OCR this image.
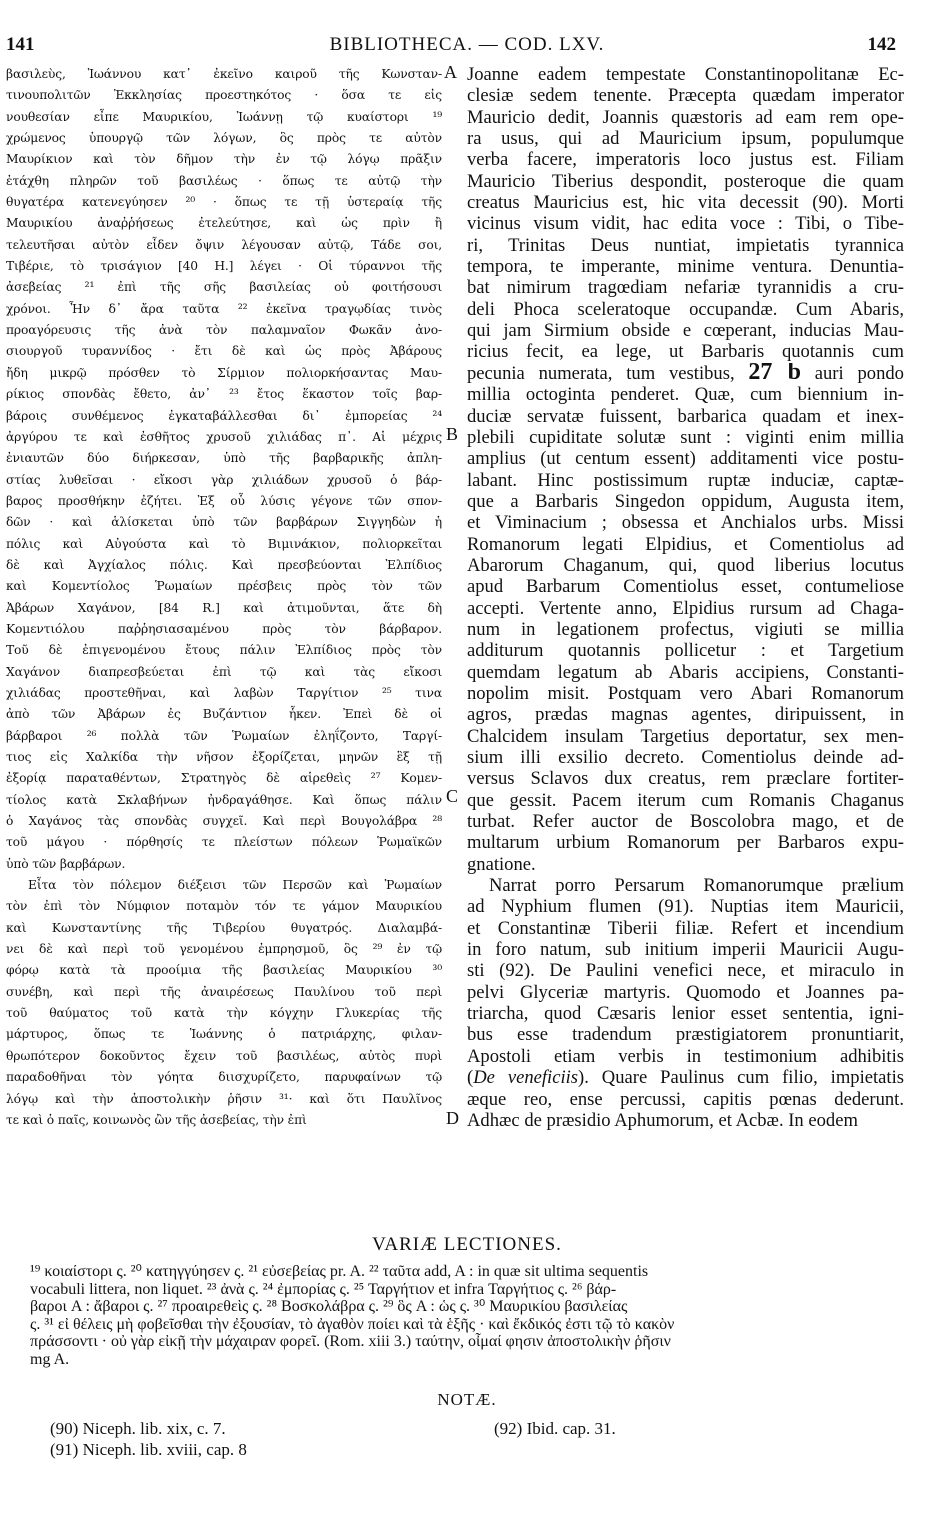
141	BIBLIOTHECA. — COD. LXV.	142
βασιλεὺς, Ἰωάννου κατ᾽ ἐκεῖνο καιροῦ τῆς Κωνσταν-
τινουπολιτῶν Ἐκκλησίας προεστηκότος · ὅσα τε εἰς
νουθεσίαν εἶπε Μαυρικίου, Ἰωάννῃ τῷ κυαίστορι ¹⁹
χρώμενος ὑπουργῷ τῶν λόγων, ὃς πρὸς τε αὐτὸν
Μαυρίκιον καὶ τὸν δῆμον τὴν ἐν τῷ λόγῳ πρᾶξιν
ἐτάχθη πληρῶν τοῦ βασιλέως · ὅπως τε αὐτῷ τὴν
θυγατέρα κατενεγύησεν ²⁰ · ὅπως τε τῇ ὑστεραίᾳ τῆς
Μαυρικίου ἀναῤῥήσεως ἐτελεύτησε, καὶ ὡς πρὶν ἢ
τελευτῆσαι αὐτὸν εἶδεν ὄψιν λέγουσαν αὐτῷ, Τάδε σοι,
Τιβέριε, τὸ τρισάγιον [40 H.] λέγει · Οἱ τύραννοι τῆς
ἀσεβείας ²¹ ἐπὶ τῆς σῆς βασιλείας οὐ φοιτήσουσι
χρόνοι. Ἦν δ᾽ ἄρα ταῦτα ²² ἐκεῖνα τραγῳδίας τινὸς
προαγόρευσις τῆς ἀνὰ τὸν παλαμναῖον Φωκᾶν ἀνο-
σιουργοῦ τυραννίδος · ἔτι δὲ καὶ ὡς πρὸς Ἀβάρους
ἤδη μικρῷ πρόσθεν τὸ Σίρμιον πολιορκήσαντας Μαυ-
ρίκιος σπονδὰς ἔθετο, ἀν᾽ ²³ ἔτος ἕκαστον τοῖς βαρ-
βάροις συνθέμενος ἐγκαταβάλλεσθαι δι᾽ ἐμπορείας ²⁴
ἀργύρου τε καὶ ἐσθῆτος χρυσοῦ χιλιάδας π᾽. Αἱ μέχρις
ἐνιαυτῶν δύο διήρκεσαν, ὑπὸ τῆς βαρβαρικῆς ἀπλη-
στίας λυθεῖσαι · εἴκοσι γὰρ χιλιάδων χρυσοῦ ὁ βάρ-
βαρος προσθήκην ἐζήτει. Ἐξ οὗ λύσις γέγονε τῶν σπον-
δῶν · καὶ ἁλίσκεται ὑπὸ τῶν βαρβάρων Σιγγηδὼν ἡ
πόλις καὶ Αὐγούστα καὶ τὸ Βιμινάκιον, πολιορκεῖται
δὲ καὶ Ἀγχίαλος πόλις. Καὶ πρεσβεύονται Ἐλπίδιος
καὶ Κομεντίολος Ῥωμαίων πρέσβεις πρὸς τὸν τῶν
Ἀβάρων Χαγάνον, [84 R.] καὶ ἀτιμοῦνται, ἅτε δὴ
Κομεντιόλου παῤῥησιασαμένου πρὸς τὸν βάρβαρον.
Τοῦ δὲ ἐπιγενομένου ἔτους πάλιν Ἐλπίδιος πρὸς τὸν
Χαγάνον διαπρεσβεύεται ἐπὶ τῷ καὶ τὰς εἴκοσι
χιλιάδας προστεθῆναι, καὶ λαβὼν Ταργίτιον ²⁵ τινα
ἀπὸ τῶν Ἀβάρων ἐς Βυζάντιον ἧκεν. Ἐπεὶ δὲ οἱ
βάρβαροι ²⁶ πολλὰ τῶν Ῥωμαίων ἐληΐζοντο, Ταργί-
τιος εἰς Χαλκίδα τὴν νῆσον ἐξορίζεται, μηνῶν ἓξ τῇ
ἐξορίᾳ παραταθέντων, Στρατηγὸς δὲ αἱρεθεὶς ²⁷ Κομεν-
τίολος κατὰ Σκλαβήνων ἠνδραγάθησε. Καὶ ὅπως πάλιν
ὁ Χαγάνος τὰς σπονδὰς συγχεῖ. Καὶ περὶ Βουγολάβρα ²⁸
τοῦ μάγου · πόρθησίς τε πλείστων πόλεων Ῥωμαϊκῶν
ὑπὸ τῶν βαρβάρων.
Εἶτα τὸν πόλεμον διέξεισι τῶν Περσῶν καὶ Ῥωμαίων
τὸν ἐπὶ τὸν Νύμφιον ποταμὸν τόν τε γάμον Μαυρικίου
καὶ Κωνσταντίνης τῆς Τιβερίου θυγατρός. Διαλαμβά-
νει δὲ καὶ περὶ τοῦ γενομένου ἐμπρησμοῦ, ὃς ²⁹ ἐν τῷ
φόρῳ κατὰ τὰ προοίμια τῆς βασιλείας Μαυρικίου ³⁰
συνέβη, καὶ περὶ τῆς ἀναιρέσεως Παυλίνου τοῦ περὶ
τοῦ θαύματος τοῦ κατὰ τὴν κόγχην Γλυκερίας τῆς
μάρτυρος, ὅπως τε Ἰωάννης ὁ πατριάρχης, φιλαν-
θρωπότερον δοκοῦντος ἔχειν τοῦ βασιλέως, αὐτὸς πυρὶ
παραδοθῆναι τὸν γόητα διισχυρίζετο, παρυφαίνων τῷ
λόγῳ καὶ τὴν ἀποστολικὴν ῥῆσιν ³¹· καὶ ὅτι Παυλῖνος
τε καὶ ὁ παῖς, κοινωνὸς ὢν τῆς ἀσεβείας, τὴν ἐπὶ
Joanne eadem tempestate Constantinopolitanæ Ec-
clesiæ sedem tenente. Præcepta quædam imperator
Mauricio dedit, Joannis quæstoris ad eam rem ope-
ra usus, qui ad Mauricium ipsum, populumque
verba facere, imperatoris loco justus est. Filiam
Mauricio Tiberius despondit, posteroque die quam
creatus Mauricius est, hic vita decessit (90). Morti
vicinus visum vidit, hac edita voce : Tibi, o Tibe-
ri, Trinitas Deus nuntiat, impietatis tyrannica
tempora, te imperante, minime ventura. Denuntia-
bat nimirum tragœdiam nefariæ tyrannidis a cru-
deli Phoca sceleratoque occupandæ. Cum Abaris,
qui jam Sirmium obside e cœperant, inducias Mau-
ricius fecit, ea lege, ut Barbaris quotannis cum
pecunia numerata, tum vestibus, 27 b auri pondo
millia octoginta penderet. Quæ, cum biennium in-
duciæ servatæ fuissent, barbarica quadam et inex-
plebili cupiditate solutæ sunt : viginti enim millia
amplius (ut centum essent) additamenti vice postu-
labant. Hinc postissimum ruptæ induciæ, captæ-
que a Barbaris Singedon oppidum, Augusta item,
et Viminacium ; obsessa et Anchialos urbs. Missi
Romanorum legati Elpidius, et Comentiolus ad
Abarorum Chaganum, qui, quod liberius locutus
apud Barbarum Comentiolus esset, contumeliose
accepti. Vertente anno, Elpidius rursum ad Chaga-
num in legationem profectus, vigiuti se millia
additurum quotannis pollicetur : et Targetium
quemdam legatum ab Abaris accipiens, Constanti-
nopolim misit. Postquam vero Abari Romanorum
agros, prædas magnas agentes, diripuissent, in
Chalcidem insulam Targetius deportatur, sex men-
sium illi exsilio decreto. Comentiolus deinde ad-
versus Sclavos dux creatus, rem præclare fortiter-
que gessit. Pacem iterum cum Romanis Chaganus
turbat. Refer auctor de Boscolobra mago, et de
multarum urbium Romanorum per Barbaros expu-
gnatione.
Narrat porro Persarum Romanorumque prælium
ad Nyphium flumen (91). Nuptias item Mauricii,
et Constantinæ Tiberii filiæ. Refert et incendium
in foro natum, sub initium imperii Mauricii Augu-
sti (92). De Paulini venefici nece, et miraculo in
pelvi Glyceriæ martyris. Quomodo et Joannes pa-
triarcha, quod Cæsaris lenior esset sententia, igni-
bus esse tradendum præstigiatorem pronuntiarit,
Apostoli etiam verbis in testimonium adhibitis
(De veneficiis). Quare Paulinus cum filio, impietatis
æque reo, ense percussi, capitis pœnas dederunt.
Adhæc de præsidio Aphumorum, et Acbæ. In eodem
A
B
C
D
VARIÆ LECTIONES.
¹⁹ κοιαίστορι ς. ²⁰ κατηγγύησεν ς. ²¹ εὐσεβείας pr. A. ²² ταῦτα add, A : in quæ sit ultima sequentis
vocabuli littera, non liquet. ²³ ἀνὰ ς. ²⁴ ἐμπορίας ς. ²⁵ Ταργήτιον et infra Ταργήτιος ς. ²⁶ βάρ-
βαροι A : ἄβαροι ς. ²⁷ προαιρεθεὶς ς. ²⁸ Βοσκολάβρα ς. ²⁹ ὃς A : ὡς ς. ³⁰ Μαυρικίου βασιλείας
ς. ³¹ εἰ θέλεις μὴ φοβεῖσθαι τὴν ἐξουσίαν, τὸ ἀγαθὸν ποίει καὶ τὰ ἑξῆς · καὶ ἔκδικός ἐστι τῷ τὸ κακὸν
πράσσοντι · οὐ γὰρ εἰκῇ τὴν μάχαιραν φορεῖ. (Rom. xiii 3.) ταύτην, οἶμαί φησιν ἀποστολικὴν ῥῆσιν
mg A.
NOTÆ.
(90) Niceph. lib. xix, c. 7.
(91) Niceph. lib. xviii, cap. 8
(92) Ibid. cap. 31.
